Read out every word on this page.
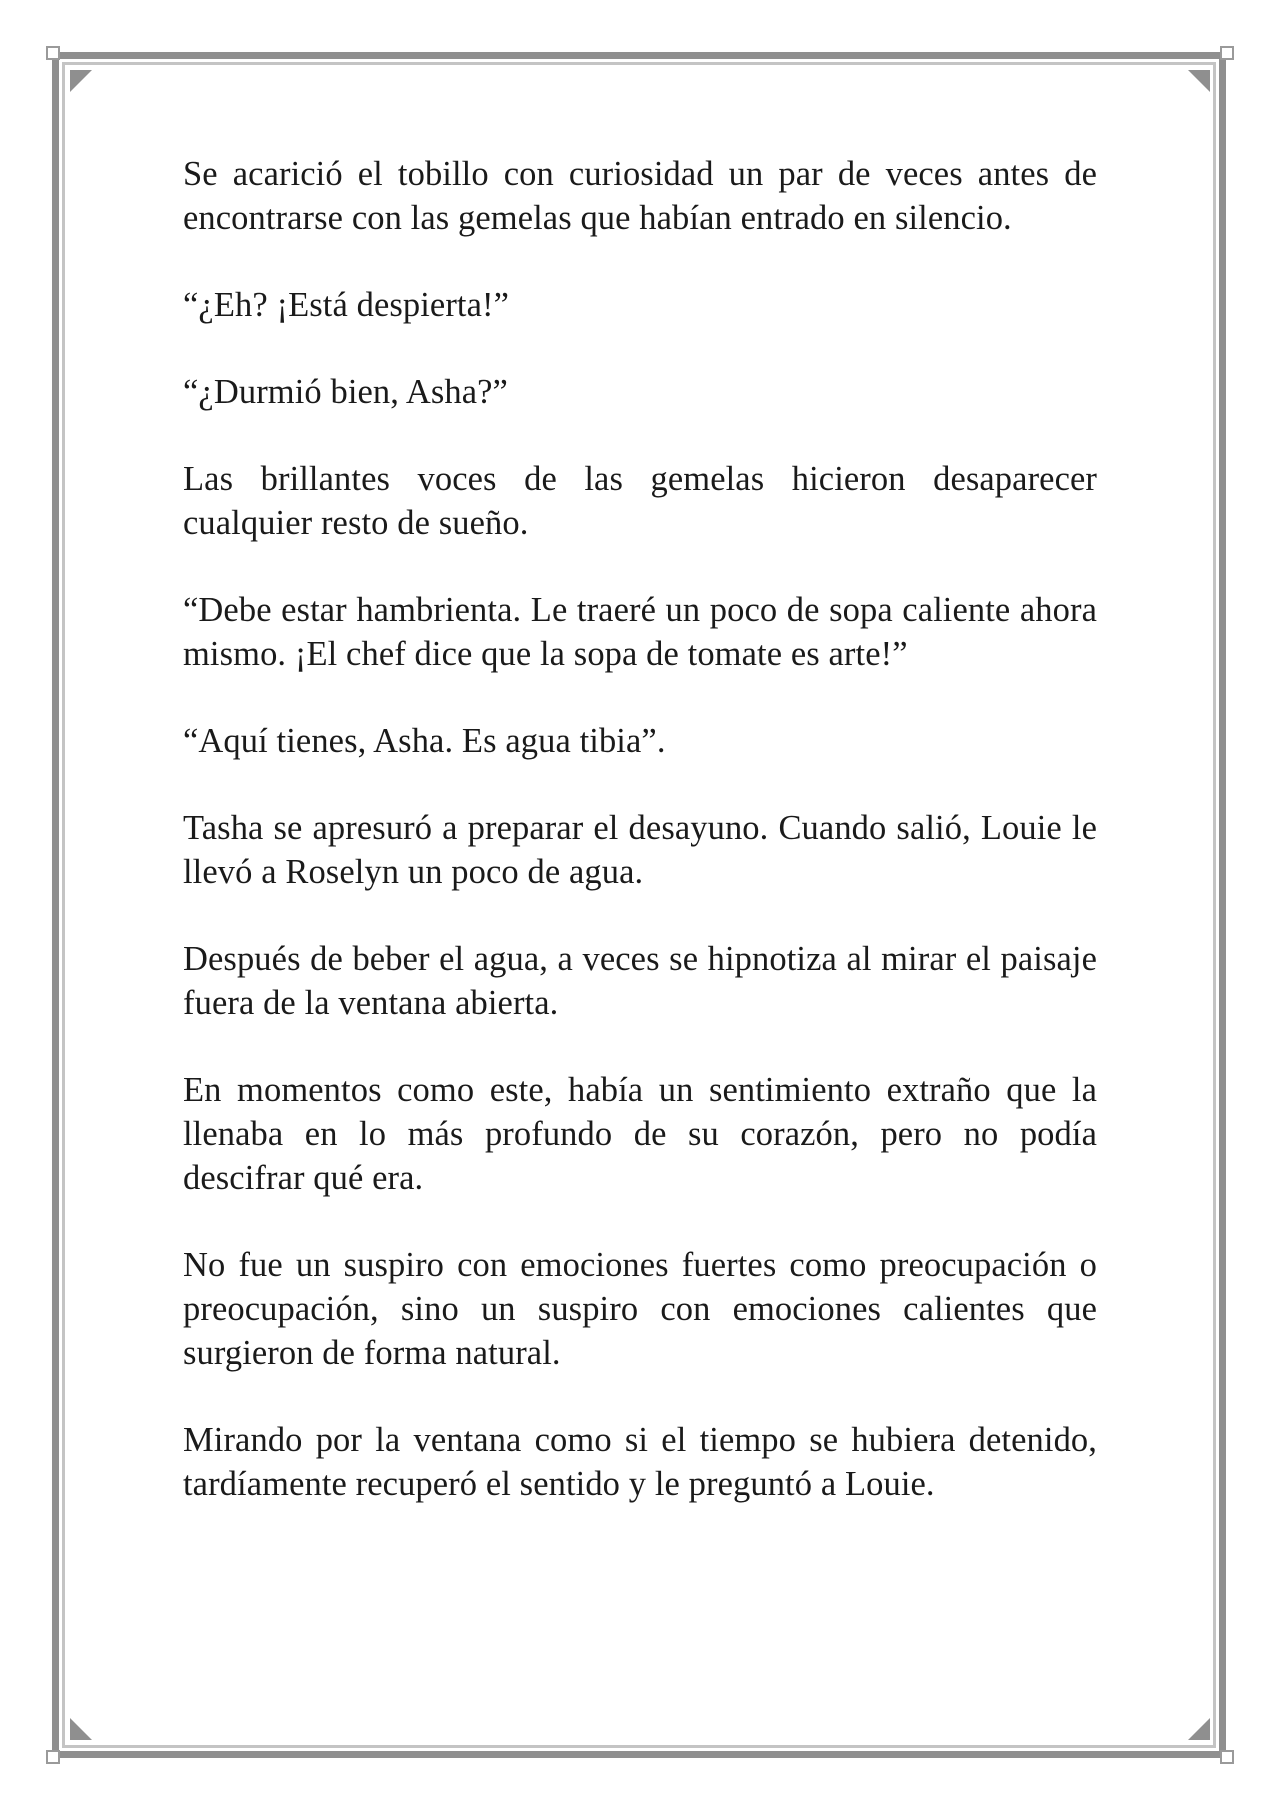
Se acarició el tobillo con curiosidad un par de veces antes de encontrarse con las gemelas que habían entrado en silencio.

“¿Eh? ¡Está despierta!”

“¿Durmió bien, Asha?”

Las brillantes voces de las gemelas hicieron desaparecer cualquier resto de sueño.

“Debe estar hambrienta. Le traeré un poco de sopa caliente ahora mismo. ¡El chef dice que la sopa de tomate es arte!”

“Aquí tienes, Asha. Es agua tibia”.

Tasha se apresuró a preparar el desayuno. Cuando salió, Louie le llevó a Roselyn un poco de agua.

Después de beber el agua, a veces se hipnotiza al mirar el paisaje fuera de la ventana abierta.

En momentos como este, había un sentimiento extraño que la llenaba en lo más profundo de su corazón, pero no podía descifrar qué era.

No fue un suspiro con emociones fuertes como preocupación o preocupación, sino un suspiro con emociones calientes que surgieron de forma natural.

Mirando por la ventana como si el tiempo se hubiera detenido, tardíamente recuperó el sentido y le preguntó a Louie.
